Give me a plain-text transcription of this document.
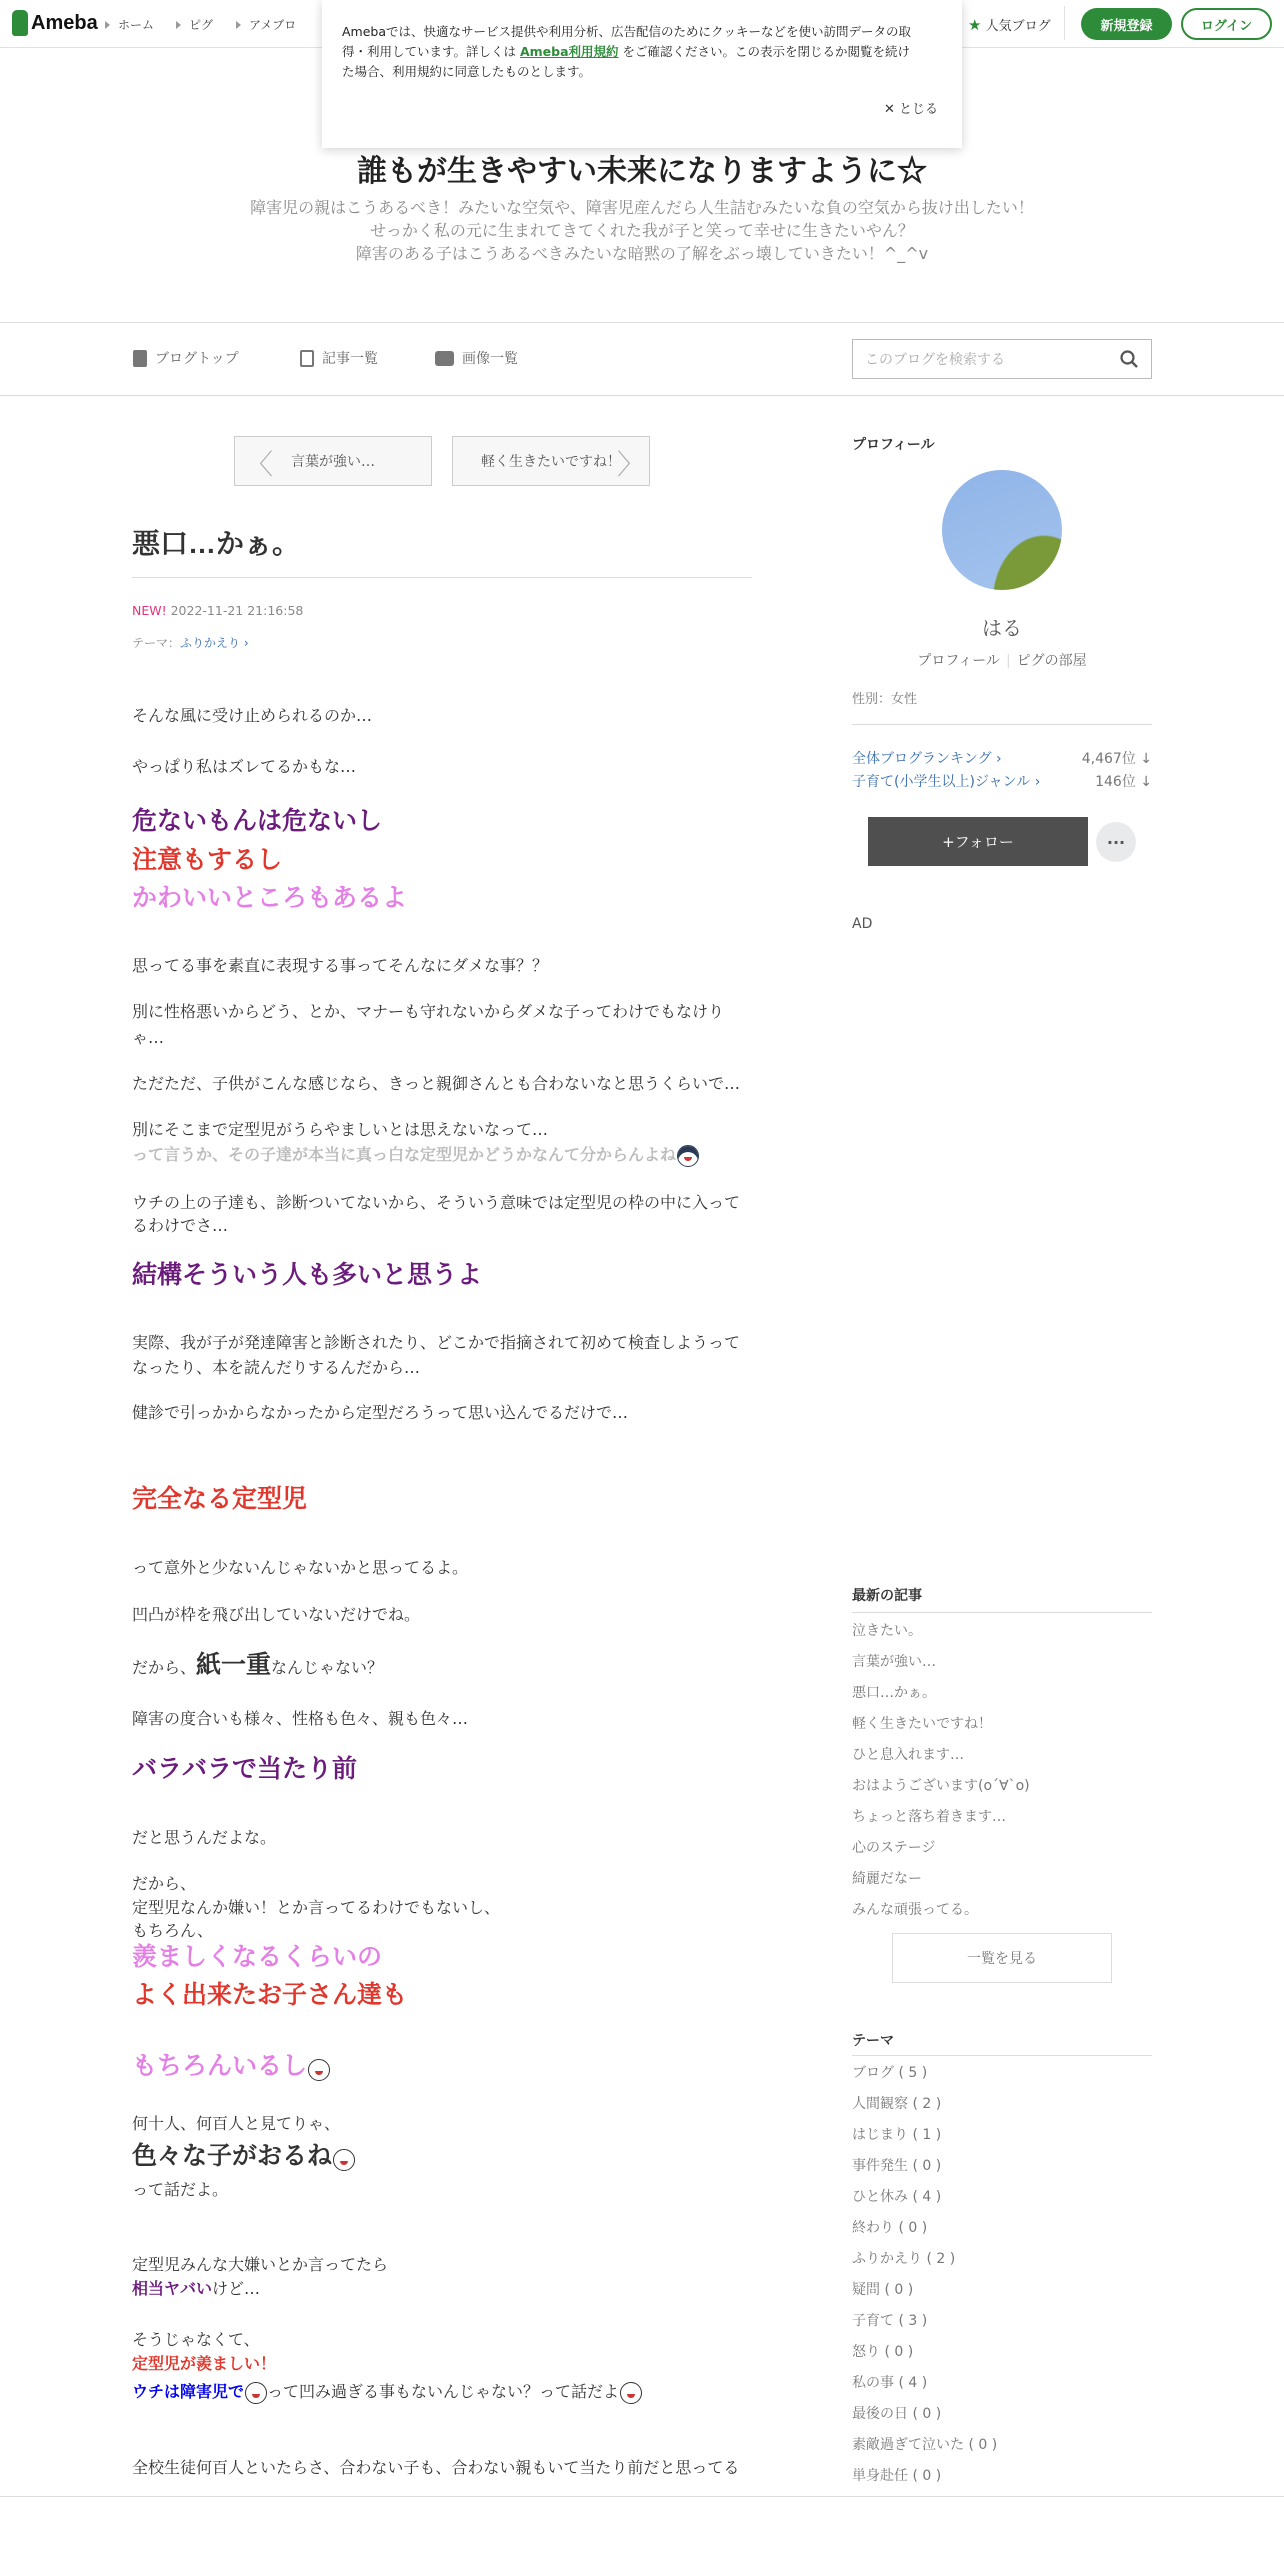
Ameba	ホーム	ピグ	アメブロ	★ 人気ブログ	新規登録	ログイン
Amebaでは、快適なサービス提供や利用分析、広告配信のためにクッキーなどを使い訪問データの取得・利用しています。詳しくは Ameba利用規約 をご確認ください。この表示を閉じるか閲覧を続けた場合、利用規約に同意したものとします。
✕ とじる
誰もが生きやすい未来になりますように☆
障害児の親はこうあるべき！みたいな空気や、障害児産んだら人生詰むみたいな負の空気から抜け出したい！
せっかく私の元に生まれてきてくれた我が子と笑って幸せに生きたいやん？
障害のある子はこうあるべきみたいな暗黙の了解をぶっ壊していきたい！^_^v
ブログトップ	記事一覧	画像一覧	このブログを検索する
〈 言葉が強い…	軽く生きたいですね！
〉
悪口…かぁ。
NEW! 2022-11-21 21:16:58
テーマ：ふりかえり ›
そんな風に受け止められるのか…
やっぱり私はズレてるかもな…
危ないもんは危ないし
注意もするし
かわいいところもあるよ
思ってる事を素直に表現する事ってそんなにダメな事？？
別に性格悪いからどう、とか、マナーも守れないからダメな子ってわけでもなけり
ゃ…
ただただ、子供がこんな感じなら、きっと親御さんとも合わないなと思うくらいで…
別にそこまで定型児がうらやましいとは思えないなって…
って言うか、その子達が本当に真っ白な定型児かどうかなんて分からんよね
ウチの上の子達も、診断ついてないから、そういう意味では定型児の枠の中に入って
るわけでさ…
結構そういう人も多いと思うよ
実際、我が子が発達障害と診断されたり、どこかで指摘されて初めて検査しようって
なったり、本を読んだりするんだから…
健診で引っかからなかったから定型だろうって思い込んでるだけで…
完全なる定型児
って意外と少ないんじゃないかと思ってるよ。
凹凸が枠を飛び出していないだけでね。
だから、紙一重なんじゃない？
障害の度合いも様々、性格も色々、親も色々…
バラバラで当たり前
だと思うんだよな。
だから、
定型児なんか嫌い！とか言ってるわけでもないし、
もちろん、
羨ましくなるくらいの
よく出来たお子さん達も
もちろんいるし
何十人、何百人と見てりゃ、
色々な子がおるね
って話だよ。
定型児みんな大嫌いとか言ってたら
相当ヤバいけど…
そうじゃなくて、
定型児が羨ましい！
ウチは障害児で って凹み過ぎる事もないんじゃない？って話だよ
全校生徒何百人といたらさ、合わない子も、合わない親もいて当たり前だと思ってる
プロフィール
はる
プロフィール | ピグの部屋
性別：女性
全体ブログランキング ›	4,467位 ↓
子育て(小学生以上)ジャンル ›	146位 ↓
+フォロー	···
AD
最新の記事
泣きたい。
言葉が強い…
悪口…かぁ。
軽く生きたいですね！
ひと息入れます…
おはようございます(o´∀`o)
ちょっと落ち着きます…
心のステージ
綺麗だなー
みんな頑張ってる。
一覧を見る
テーマ
ブログ ( 5 )
人間観察 ( 2 )
はじまり ( 1 )
事件発生 ( 0 )
ひと休み ( 4 )
終わり ( 0 )
ふりかえり ( 2 )
疑問 ( 0 )
子育て ( 3 )
怒り ( 0 )
私の事 ( 4 )
最後の日 ( 0 )
素敵過ぎて泣いた ( 0 )
単身赴任 ( 0 )
